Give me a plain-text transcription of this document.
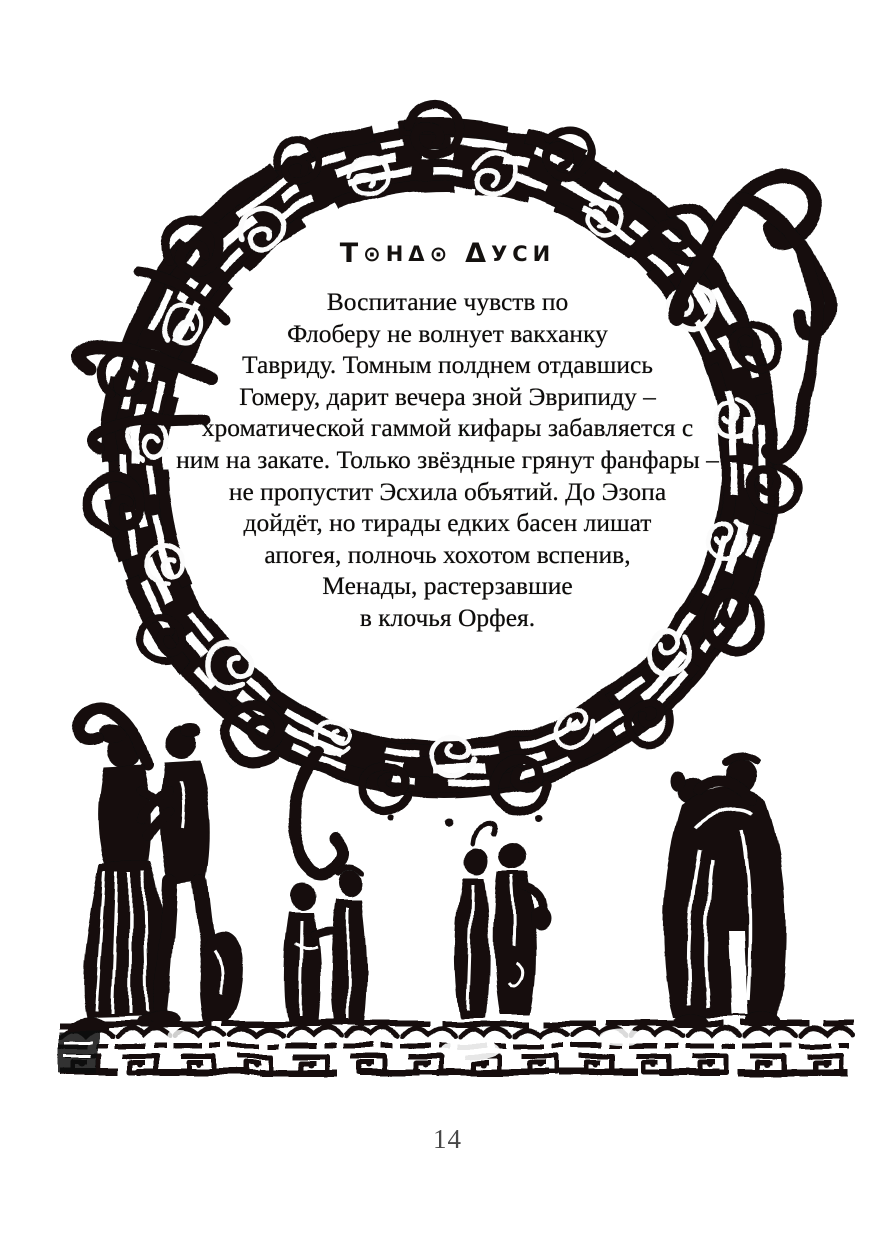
Т⊙НΔ⊙ ΔУСИ
Воспитание чувств по
Флоберу не волнует вакханку
Тавриду. Томным полднем отдавшись
Гомеру, дарит вечера зной Эврипиду –
хроматической гаммой кифары забавляется с
ним на закате. Только звёздные грянут фанфары –
не пропустит Эсхила объятий. До Эзопа
дойдёт, но тирады едких басен лишат
апогея, полночь хохотом вспенив,
Менады, растерзавшие
в клочья Орфея.
14
